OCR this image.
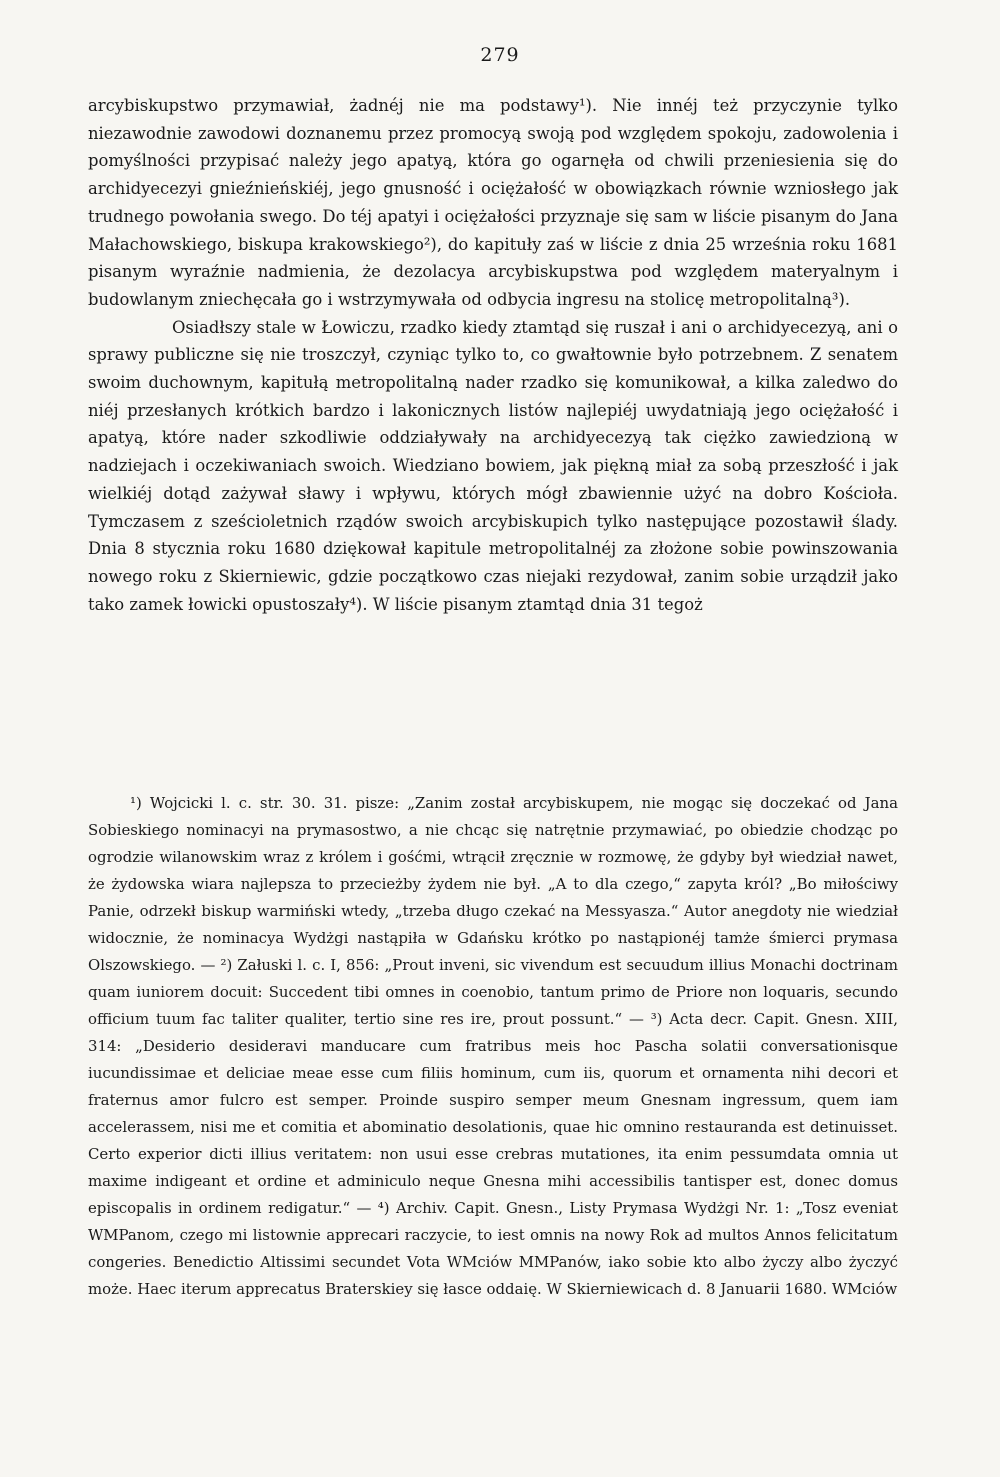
279

arcybiskupstwo przymawiał, żadnéj nie ma podstawy¹). Nie innéj też przyczynie tylko niezawodnie zawodowi doznanemu przez promocyą swoją pod względem spokoju, zadowolenia i pomyślności przypisać należy jego apatyą, która go ogarnęła od chwili przeniesienia się do archidyecezyi gnieźnieńskiéj, jego gnusność i ociężałość w obowiązkach równie wzniosłego jak trudnego powołania swego. Do téj apatyi i ociężałości przyznaje się sam w liście pisanym do Jana Małachowskiego, biskupa krakowskiego²), do kapituły zaś w liście z dnia 25 września roku 1681 pisanym wyraźnie nadmienia, że dezolacya arcybiskupstwa pod względem materyalnym i budowlanym zniechęcała go i wstrzymywała od odbycia ingresu na stolicę metropolitalną³).

Osiadłszy stale w Łowiczu, rzadko kiedy ztamtąd się ruszał i ani o archidyecezyą, ani o sprawy publiczne się nie troszczył, czyniąc tylko to, co gwałtownie było potrzebnem. Z senatem swoim duchownym, kapitułą metropolitalną nader rzadko się komunikował, a kilka zaledwo do niéj przesłanych krótkich bardzo i lakonicznych listów najlepiéj uwydatniają jego ociężałość i apatyą, które nader szkodliwie oddziaływały na archidyecezyą tak ciężko zawiedzioną w nadziejach i oczekiwaniach swoich. Wiedziano bowiem, jak piękną miał za sobą przeszłość i jak wielkiéj dotąd zażywał sławy i wpływu, których mógł zbawiennie użyć na dobro Kościoła. Tymczasem z sześcioletnich rządów swoich arcybiskupich tylko następujące pozostawił ślady. Dnia 8 stycznia roku 1680 dziękował kapitule metropolitalnéj za złożone sobie powinszowania nowego roku z Skierniewic, gdzie początkowo czas niejaki rezydował, zanim sobie urządził jako tako zamek łowicki opustoszały⁴). W liście pisanym ztamtąd dnia 31 tegoż

¹) Wojcicki l. c. str. 30. 31. pisze: „Zanim został arcybiskupem, nie mogąc się doczekać od Jana Sobieskiego nominacyi na prymasostwo, a nie chcąc się natrętnie przymawiać, po obiedzie chodząc po ogrodzie wilanowskim wraz z królem i gośćmi, wtrącił zręcznie w rozmowę, że gdyby był wiedział nawet, że żydowska wiara najlepsza to przecieżby żydem nie był. „A to dla czego,“ zapyta król? „Bo miłościwy Panie, odrzekł biskup warmiński wtedy, „trzeba długo czekać na Messyasza.“ Autor anegdoty nie wiedział widocznie, że nominacya Wydżgi nastąpiła w Gdańsku krótko po nastąpionéj tamże śmierci prymasa Olszowskiego. — ²) Załuski l. c. I, 856: „Prout inveni, sic vivendum est secuudum illius Monachi doctrinam quam iuniorem docuit: Succedent tibi omnes in coenobio, tantum primo de Priore non loquaris, secundo officium tuum fac taliter qualiter, tertio sine res ire, prout possunt.“ — ³) Acta decr. Capit. Gnesn. XIII, 314: „Desiderio desideravi manducare cum fratribus meis hoc Pascha solatii conversationisque iucundissimae et deliciae meae esse cum filiis hominum, cum iis, quorum et ornamenta nihi decori et fraternus amor fulcro est semper. Proinde suspiro semper meum Gnesnam ingressum, quem iam accelerassem, nisi me et comitia et abominatio desolationis, quae hic omnino restauranda est detinuisset. Certo experior dicti illius veritatem: non usui esse crebras mutationes, ita enim pessumdata omnia ut maxime indigeant et ordine et adminiculo neque Gnesna mihi accessibilis tantisper est, donec domus episcopalis in ordinem redigatur.“ — ⁴) Archiv. Capit. Gnesn., Listy Prymasa Wydżgi Nr. 1: „Tosz eveniat WMPanom, czego mi listownie apprecari raczycie, to iest omnis na nowy Rok ad multos Annos felicitatum congeries. Benedictio Altissimi secundet Vota WMciów MMPanów, iako sobie kto albo życzy albo życzyć może. Haec iterum apprecatus Braterskiey się łasce oddaię. W Skierniewicach d. 8 Januarii 1680. WMciów
